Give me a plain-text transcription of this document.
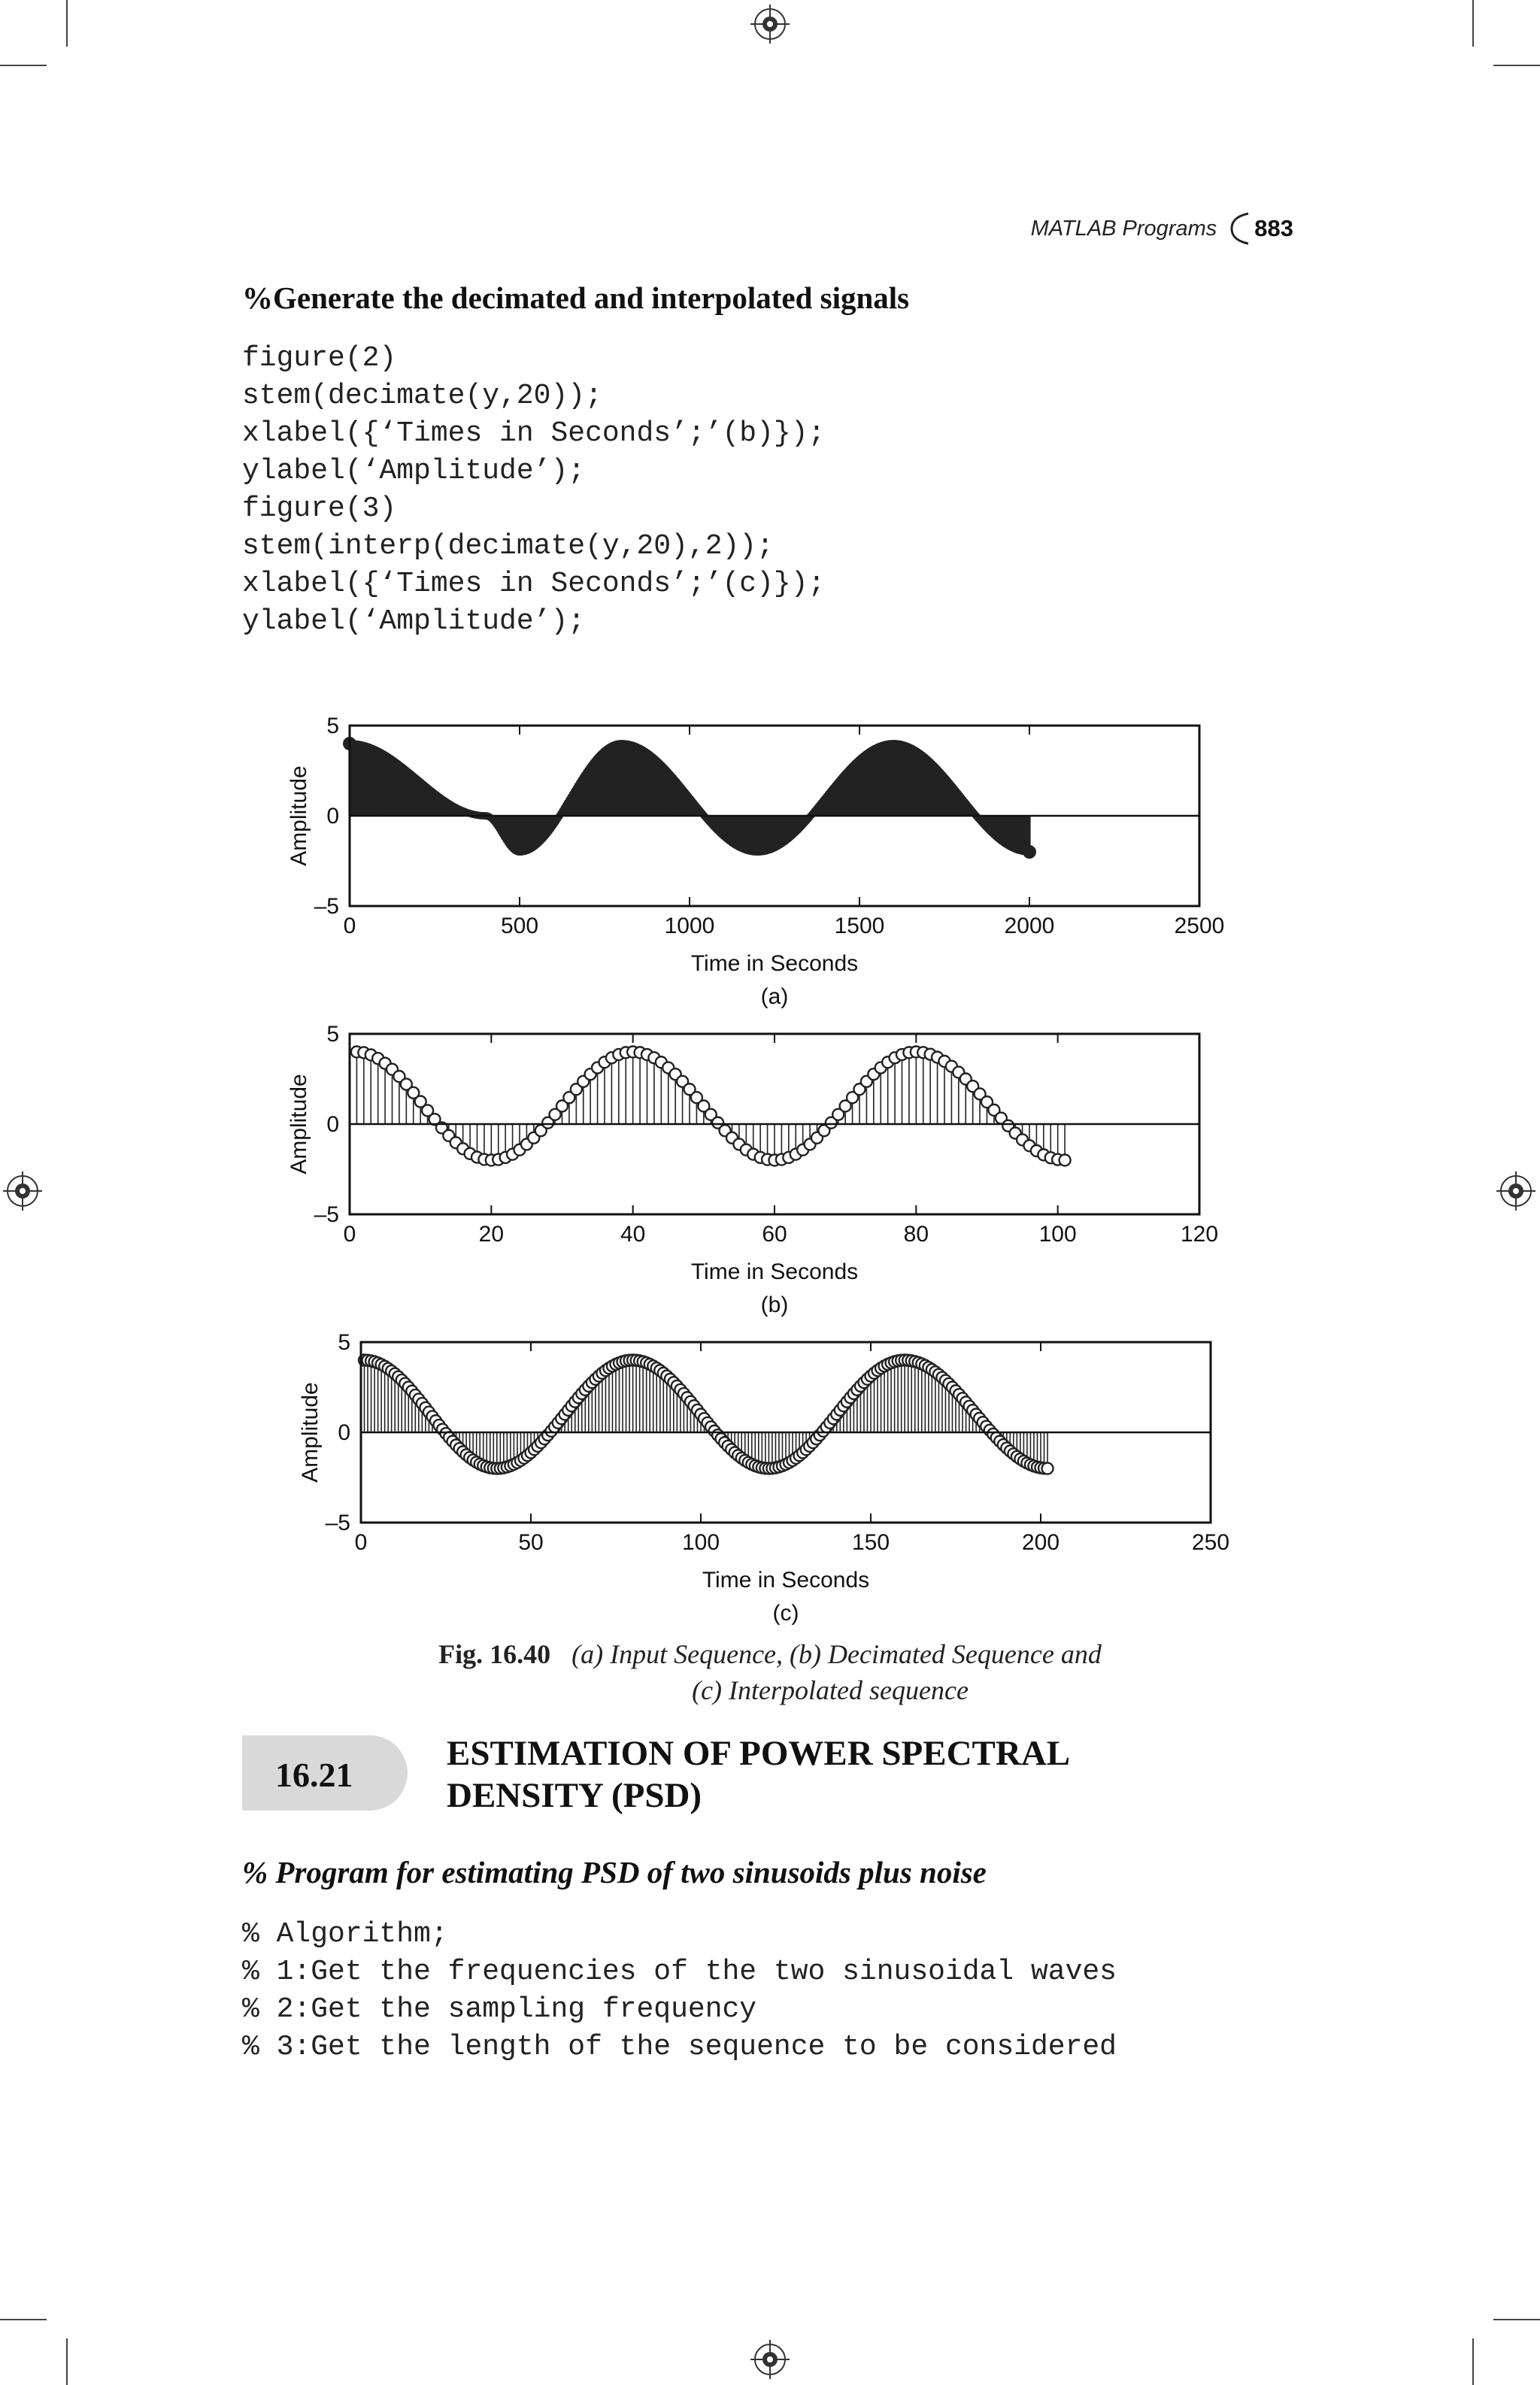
MATLAB Programs 883
%Generate the decimated and interpolated signals
figure(2)
stem(decimate(y,20));
xlabel({‘Times in Seconds’;’(b)});
ylabel(‘Amplitude’);
figure(3)
stem(interp(decimate(y,20),2));
xlabel({‘Times in Seconds’;’(c)});
ylabel(‘Amplitude’);
0	500	1000	1500	2000	2500
5
0
–5
Time in Seconds
(a)
Amplitude
0	20	40	60	80	100	120
5
0
–5
Time in Seconds
(b)
Amplitude
0	50	100	150	200	250
5
0
–5
Time in Seconds
(c)
Amplitude
Fig. 16.40 (a) Input Sequence, (b) Decimated Sequence and
(c) Interpolated sequence
16.21
ESTIMATION OF POWER SPECTRAL
DENSITY (PSD)
% Program for estimating PSD of two sinusoids plus noise
% Algorithm;
% 1:Get the frequencies of the two sinusoidal waves
% 2:Get the sampling frequency
% 3:Get the length of the sequence to be considered
